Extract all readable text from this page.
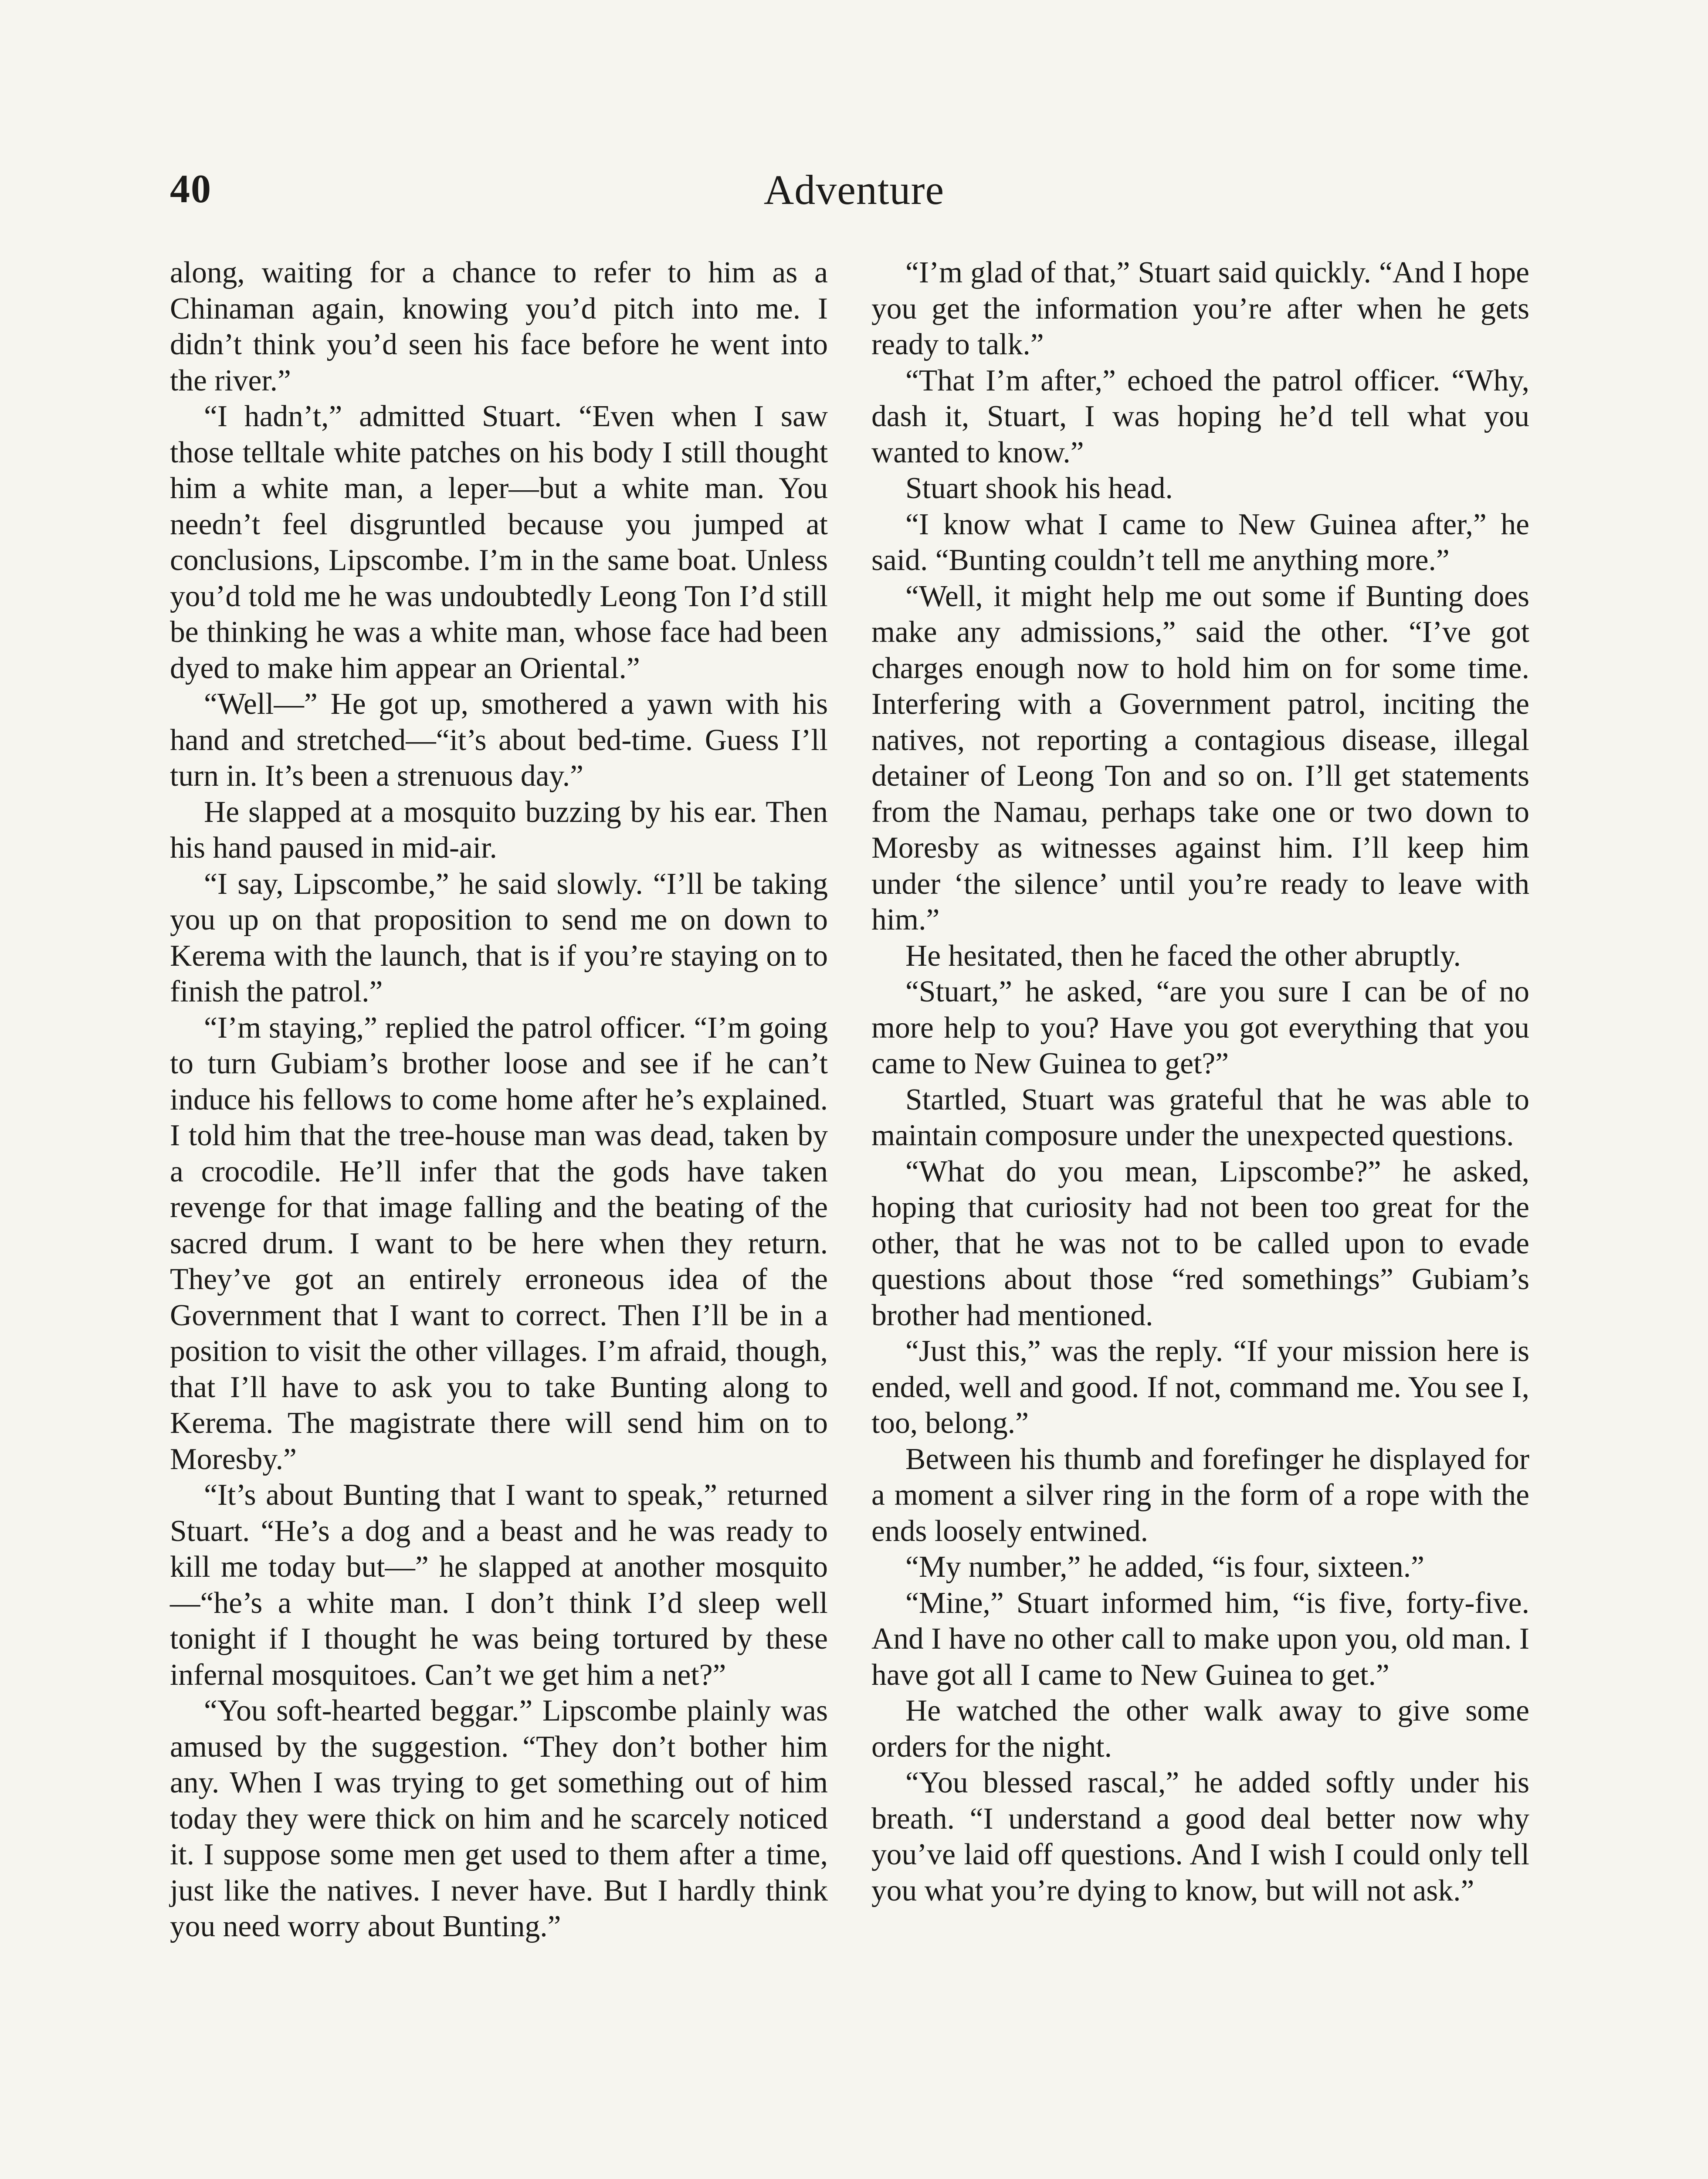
40	Adventure

along, waiting for a chance to refer to him as a Chinaman again, knowing you’d pitch into me. I didn’t think you’d seen his face before he went into the river.”

“I hadn’t,” admitted Stuart. “Even when I saw those telltale white patches on his body I still thought him a white man, a leper—but a white man. You needn’t feel disgruntled because you jumped at conclusions, Lipscombe. I’m in the same boat. Unless you’d told me he was undoubtedly Leong Ton I’d still be thinking he was a white man, whose face had been dyed to make him appear an Oriental.”

“Well—” He got up, smothered a yawn with his hand and stretched—“it’s about bed-time. Guess I’ll turn in. It’s been a strenuous day.”

He slapped at a mosquito buzzing by his ear. Then his hand paused in mid-air.

“I say, Lipscombe,” he said slowly. “I’ll be taking you up on that proposition to send me on down to Kerema with the launch, that is if you’re staying on to finish the patrol.”

“I’m staying,” replied the patrol officer. “I’m going to turn Gubiam’s brother loose and see if he can’t induce his fellows to come home after he’s explained. I told him that the tree-house man was dead, taken by a crocodile. He’ll infer that the gods have taken revenge for that image falling and the beating of the sacred drum. I want to be here when they return. They’ve got an entirely erroneous idea of the Government that I want to correct. Then I’ll be in a position to visit the other villages. I’m afraid, though, that I’ll have to ask you to take Bunting along to Kerema. The magistrate there will send him on to Moresby.”

“It’s about Bunting that I want to speak,” returned Stuart. “He’s a dog and a beast and he was ready to kill me today but—” he slapped at another mosquito—“he’s a white man. I don’t think I’d sleep well tonight if I thought he was being tortured by these infernal mosquitoes. Can’t we get him a net?”

“You soft-hearted beggar.” Lipscombe plainly was amused by the suggestion. “They don’t bother him any. When I was trying to get something out of him today they were thick on him and he scarcely noticed it. I suppose some men get used to them after a time, just like the natives. I never have. But I hardly think you need worry about Bunting.”

“I’m glad of that,” Stuart said quickly. “And I hope you get the information you’re after when he gets ready to talk.”

“That I’m after,” echoed the patrol officer. “Why, dash it, Stuart, I was hoping he’d tell what you wanted to know.”

Stuart shook his head.

“I know what I came to New Guinea after,” he said. “Bunting couldn’t tell me anything more.”

“Well, it might help me out some if Bunting does make any admissions,” said the other. “I’ve got charges enough now to hold him on for some time. Interfering with a Government patrol, inciting the natives, not reporting a contagious disease, illegal detainer of Leong Ton and so on. I’ll get statements from the Namau, perhaps take one or two down to Moresby as witnesses against him. I’ll keep him under ‘the silence’ until you’re ready to leave with him.”

He hesitated, then he faced the other abruptly.

“Stuart,” he asked, “are you sure I can be of no more help to you? Have you got everything that you came to New Guinea to get?”

Startled, Stuart was grateful that he was able to maintain composure under the unexpected questions.

“What do you mean, Lipscombe?” he asked, hoping that curiosity had not been too great for the other, that he was not to be called upon to evade questions about those “red somethings” Gubiam’s brother had mentioned.

“Just this,” was the reply. “If your mission here is ended, well and good. If not, command me. You see I, too, belong.”

Between his thumb and forefinger he displayed for a moment a silver ring in the form of a rope with the ends loosely entwined.

“My number,” he added, “is four, sixteen.”

“Mine,” Stuart informed him, “is five, forty-five. And I have no other call to make upon you, old man. I have got all I came to New Guinea to get.”

He watched the other walk away to give some orders for the night.

“You blessed rascal,” he added softly under his breath. “I understand a good deal better now why you’ve laid off questions. And I wish I could only tell you what you’re dying to know, but will not ask.”
